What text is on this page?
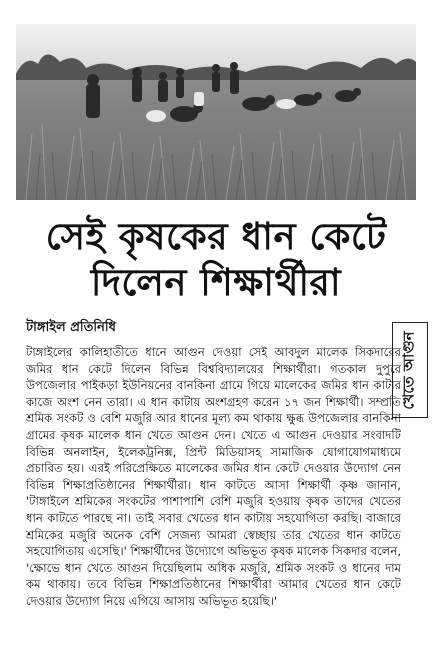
সেই কৃষকের ধান কেটে
দিলেন শিক্ষার্থীরা
টাঙ্গাইল প্রতিনিধি
খেতে আগুন

টাঙ্গাইলের কালিহাতীতে ধানে আগুন দেওয়া সেই আবদুল মালেক সিকদারের জমির ধান কেটে দিলেন বিভিন্ন বিশ্ববিদ্যালয়ের শিক্ষার্থীরা। গতকাল দুপুরে উপজেলার পাইকড়া ইউনিয়নের বানকিনা গ্রামে গিয়ে মালেকের জমির ধান কাটার কাজে অংশ নেন তারা। এ ধান কাটায় অংশগ্রহণ করেন ১৭ জন শিক্ষার্থী। সম্প্রতি শ্রমিক সংকট ও বেশি মজুরি আর ধানের মূল্য কম থাকায় ক্ষুব্ধ উপজেলার বানকিনা গ্রামের কৃষক মালেক ধান খেতে আগুন দেন। খেতে এ আগুন দেওয়ার সংবাদটি বিভিন্ন অনলাইন, ইলেকট্রনিক্স, প্রিন্ট মিডিয়াসহ সামাজিক যোগাযোগমাধ্যমে প্রচারিত হয়। এরই পরিপ্রেক্ষিতে মালেকের জমির ধান কেটে দেওয়ার উদ্যোগ নেন বিভিন্ন শিক্ষাপ্রতিষ্ঠানের শিক্ষার্থীরা। ধান কাটতে আসা শিক্ষার্থী কৃষ্ণ জানান, 'টাঙ্গাইলে শ্রমিকের সংকটের পাশাপাশি বেশি মজুরি হওয়ায় কৃষক তাদের খেতের ধান কাটতে পারছে না। তাই সবার খেতের ধান কাটায় সহযোগিতা করছি। বাজারে শ্রমিকের মজুরি অনেক বেশি সেজন্য আমরা স্বেচ্ছায় তার খেতের ধান কাটতে সহযোগিতায় এসেছি।' শিক্ষার্থীদের উদ্যোগে অভিভূত কৃষক মালেক সিকদার বলেন, 'ক্ষোভে ধান খেতে আগুন দিয়েছিলাম অধিক মজুরি, শ্রমিক সংকট ও ধানের দাম কম থাকায়। তবে বিভিন্ন শিক্ষাপ্রতিষ্ঠানের শিক্ষার্থীরা আমার খেতের ধান কেটে দেওয়ার উদ্যোগ নিয়ে এগিয়ে আসায় অভিভূত হয়েছি।'
